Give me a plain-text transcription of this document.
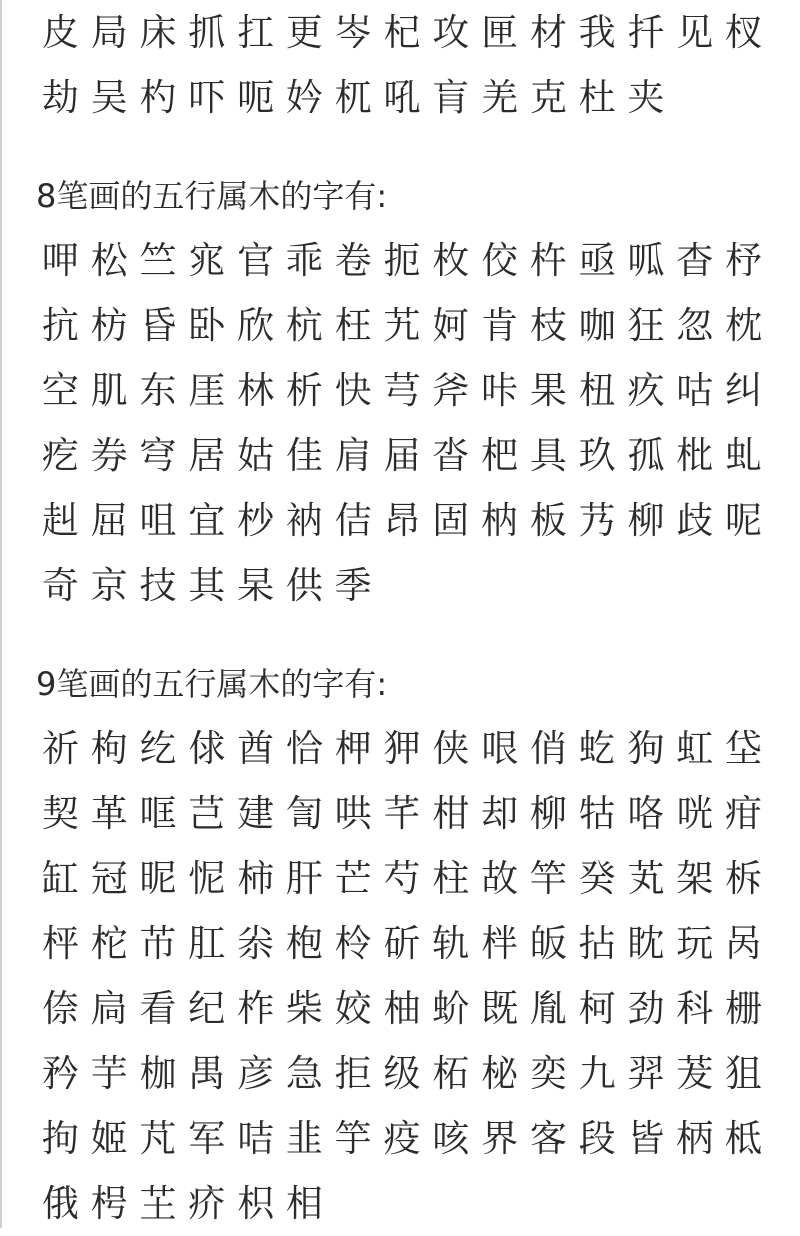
皮 局 床 抓 扛 更 岑 杞 攻 匣 材 我 扦 见 杈
劫 吴 杓 吓 呃 妗 杌 吼 肓 羌 克 杜 夹
8笔画的五行属木的字有:
呷 松 竺 宨 官 乖 卷 扼 枚 佼 杵 亟 呱 杳 杼
抗 枋 昏 卧 欣 杭 枉 艽 妸 肯 枝 咖 狂 忽 枕
空 肌 东 厓 林 析 快 芎 斧 咔 果 杻 疚 咕 纠
疙 券 穹 居 姑 佳 肩 届 沓 杷 具 玖 孤 枇 虬
赳 屈 咀 宜 杪 衲 佶 昂 固 枘 板 艿 柳 歧 呢
奇 京 技 其 杲 供 季
9笔画的五行属木的字有:
祈 枸 纥 俅 酋 恰 柙 狎 侠 哏 俏 虼 狗 虹 垈
契 革 哐 芑 建 訇 哄 芊 柑 却 柳 牯 咯 咣 疳
缸 冠 昵 怩 柿 肝 芒 芍 柱 故 竿 癸 芄 架 柝
枰 柁 芇 肛 尜 枹 柃 斫 轨 柈 皈 拈 眈 玩 呙
倷 扃 看 纪 柞 柴 姣 柚 蚧 既 胤 柯 劲 科 栅
矜 芋 枷 禺 彦 急 拒 级 柘 柲 奕 九 羿 茇 狙
拘 姬 芃 军 咭 韭 竽 疫 咳 界 客 段 皆 柄 柢
俄 枵 芏 疥 枳 相
